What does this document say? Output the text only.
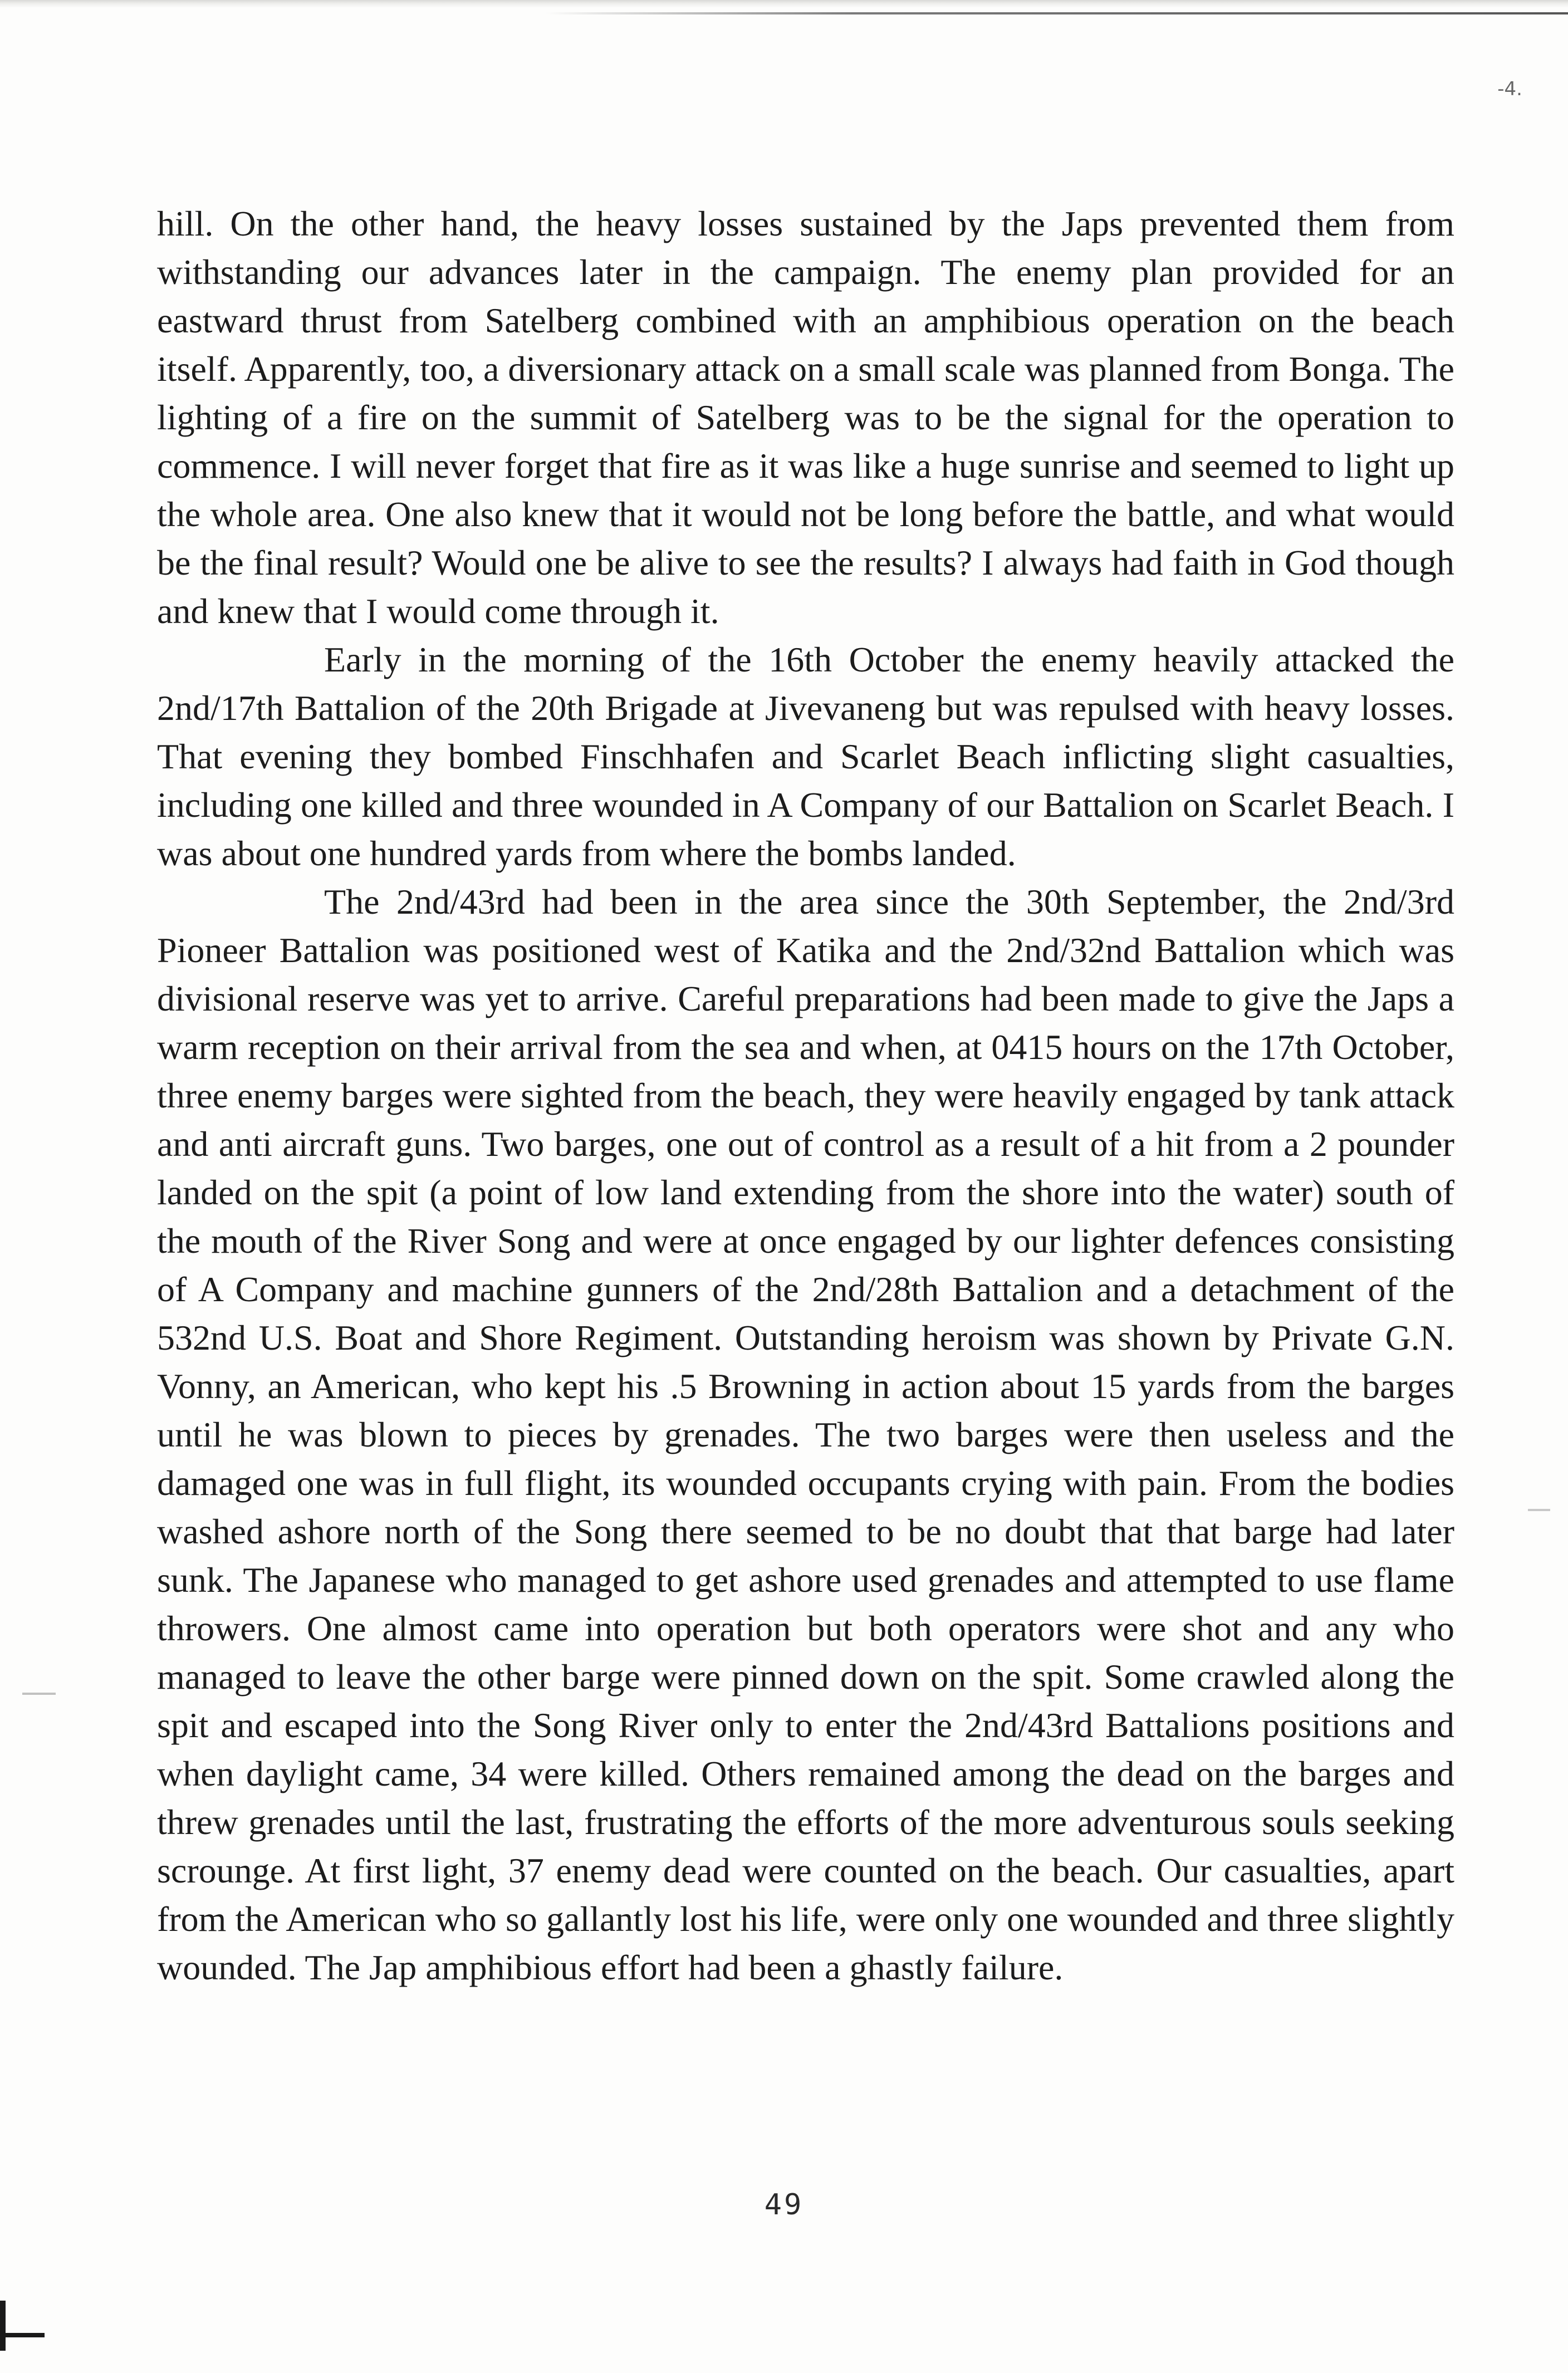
-4.

hill. On the other hand, the heavy losses sustained by the Japs prevented them from withstanding our advances later in the campaign. The enemy plan provided for an eastward thrust from Satelberg combined with an amphibious operation on the beach itself. Apparently, too, a diversionary attack on a small scale was planned from Bonga. The lighting of a fire on the summit of Satelberg was to be the signal for the operation to commence. I will never forget that fire as it was like a huge sunrise and seemed to light up the whole area. One also knew that it would not be long before the battle, and what would be the final result? Would one be alive to see the results? I always had faith in God though and knew that I would come through it.

Early in the morning of the 16th October the enemy heavily attacked the 2nd/17th Battalion of the 20th Brigade at Jivevaneng but was repulsed with heavy losses. That evening they bombed Finschhafen and Scarlet Beach inflicting slight casualties, including one killed and three wounded in A Company of our Battalion on Scarlet Beach. I was about one hundred yards from where the bombs landed.

The 2nd/43rd had been in the area since the 30th September, the 2nd/3rd Pioneer Battalion was positioned west of Katika and the 2nd/32nd Battalion which was divisional reserve was yet to arrive. Careful preparations had been made to give the Japs a warm reception on their arrival from the sea and when, at 0415 hours on the 17th October, three enemy barges were sighted from the beach, they were heavily engaged by tank attack and anti aircraft guns. Two barges, one out of control as a result of a hit from a 2 pounder landed on the spit (a point of low land extending from the shore into the water) south of the mouth of the River Song and were at once engaged by our lighter defences consisting of A Company and machine gunners of the 2nd/28th Battalion and a detachment of the 532nd U.S. Boat and Shore Regiment. Outstanding heroism was shown by Private G.N. Vonny, an American, who kept his .5 Browning in action about 15 yards from the barges until he was blown to pieces by grenades. The two barges were then useless and the damaged one was in full flight, its wounded occupants crying with pain. From the bodies washed ashore north of the Song there seemed to be no doubt that that barge had later sunk. The Japanese who managed to get ashore used grenades and attempted to use flame throwers. One almost came into operation but both operators were shot and any who managed to leave the other barge were pinned down on the spit. Some crawled along the spit and escaped into the Song River only to enter the 2nd/43rd Battalions positions and when daylight came, 34 were killed. Others remained among the dead on the barges and threw grenades until the last, frustrating the efforts of the more adventurous souls seeking scrounge. At first light, 37 enemy dead were counted on the beach. Our casualties, apart from the American who so gallantly lost his life, were only one wounded and three slightly wounded. The Jap amphibious effort had been a ghastly failure.

49
